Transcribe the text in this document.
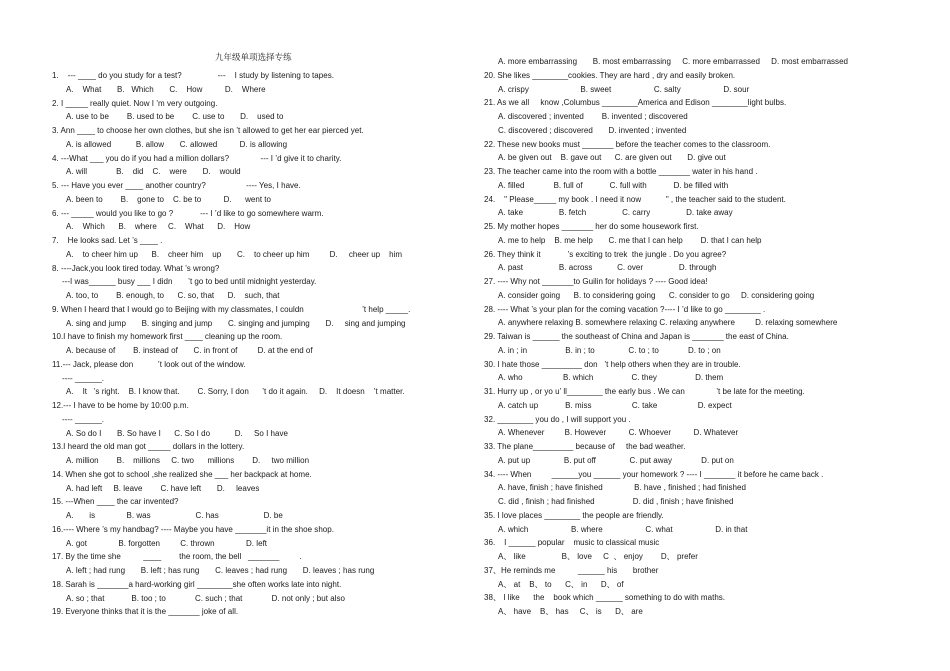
九年级单项选择专练
1.    --- ____ do you study for a test?                ---    I study by listening to tapes.
A.    What       B.   Which       C.    How          D.    Where
2. I _____ really quiet. Now I ’m very outgoing.
A. use to be        B. used to be        C. use to       D.    used to
3. Ann ____ to choose her own clothes, but she isn ’t allowed to get her ear pierced yet.
A. is allowed           B. allow       C. allowed          D. is allowing
4. ---What ___ you do if you had a million dollars?              --- I ’d give it to charity.
A. will             B.    did    C.    were       D.    would
5. --- Have you ever ____ another country?                  ---- Yes, I have.
A. been to        B.    gone to    C. be to          D.      went to
6. --- _____ would you like to go ?            --- I ’d like to go somewhere warm.
A.    Which      B.    where     C.    What      D.    How
7.    He looks sad. Let ’s ____ .
A.    to cheer him up      B.    cheer him    up       C.    to cheer up him         D.     cheer up    him
8. ----Jack,you look tired today. What ’s wrong?
---I was______ busy ___ I didn       ’t go to bed until midnight yesterday.
A. too, to        B. enough, to      C. so, that      D.    such, that
9. When I heard that I would go to Beijing with my classmates, I couldn                          ’t help _____.
A. sing and jump       B. singing and jump       C. singing and jumping       D.     sing and jumping
10.I have to finish my homework first ____ cleaning up the room.
A. because of        B. instead of       C. in front of         D. at the end of
11.--- Jack, please don           ’t look out of the window.
---- ______.
A.    It   ’s right.    B. I know that.        C. Sorry, I don      ’t do it again.     D.    It doesn    ’t matter.
12.--- I have to be home by 10:00 p.m.
---- ______.
A. So do I       B. So have I      C. So I do           D.     So I have
13.I heard the old man got _____ dollars in the lottery.
A. million        B.    millions     C. two      millions        D.     two million
14. When she got to school ,she realized she ___ her backpack at home.
A. had left     B. leave        C. have left       D.     leaves
15. ---When ____ the car invented?
A.       is              B. was                    C. has                    D. be
16.---- Where ’s my handbag? ---- Maybe you have _______it in the shoe shop.
A. got              B. forgotten         C. thrown              D. left
17. By the time she          ____        the room, the bell   _______         .
A. left ; had rung       B. left ; has rung       C. leaves ; had rung       D. leaves ; has rung
18. Sarah is _______a hard-working girl ________she often works late into night.
A. so ; that            B. too ; to             C. such ; that             D. not only ; but also
19. Everyone thinks that it is the _______ joke of all.
A. more embarrassing       B. most embarrassing     C. more embarrassed     D. most embarrassed
20. She likes ________cookies. They are hard , dry and easily broken.
A. crispy                       B. sweet                   C. salty                   D. sour
21. As we all     know ,Columbus ________America and Edison ________light bulbs.
A. discovered ; invented        B. invented ; discovered
C. discovered ; discovered       D. invented ; invented
22. These new books must _______ before the teacher comes to the classroom.
A. be given out    B. gave out      C. are given out       D. give out
23. The teacher came into the room with a bottle _______ water in his hand .
A. filled             B. full of            C. full with            D. be filled with
24.    " Please_____ my book . I need it now           " , the teacher said to the student.
A. take                B. fetch                C. carry                D. take away
25. My mother hopes _______ her do some housework first.
A. me to help    B. me help       C. me that I can help        D. that I can help
26. They think it            ’s exciting to trek  the jungle . Do you agree?
A. past                B. across           C. over                D. through
27. ---- Why not _______to Guilin for holidays ? ---- Good idea!
A. consider going      B. to considering going      C. consider to go     D. considering going
28. ---- What ’s your plan for the coming vacation ?---- I ’d like to go ________ .
A. anywhere relaxing B. somewhere relaxing C. relaxing anywhere         D. relaxing somewhere
29. Taiwan is ______ the southeast of China and Japan is _______ the east of China.
A. in ; in                 B. in ; to               C. to ; to             D. to ; on
30. I hate those _________ don   ’t help others when they are in trouble.
A. who                  B. which                 C. they                 D. them
31. Hurry up , or yo u’ ll________ the early bus . We can              ’t be late for the meeting.
A. catch up            B. miss                  C. take                  D. expect
32. ________ you do , I will support you .
A. Whenever         B. However          C. Whoever          D. Whatever
33. The plane_________ because of     the bad weather.
A. put up               B. put off               C. put away             D. put on
34. ---- When         ______you ______ your homework ? ---- I _______ it before he came back .
A. have, finish ; have finished              B. have , finished ; had finished
C. did , finish ; had finished                 D. did , finish ; have finished
35. I love places ________ the people are friendly.
A. which                   B. where                   C. what                   D. in that
36.    I ______ popular    music to classical music
A、 like                B、 love     C  、 enjoy        D、 prefer
37、He reminds me          ______ his       brother
A、 at    B、 to      C、 in      D、 of
38、 I like      the    book which ______ something to do with maths.
A、 have    B、 has     C、 is      D、 are
